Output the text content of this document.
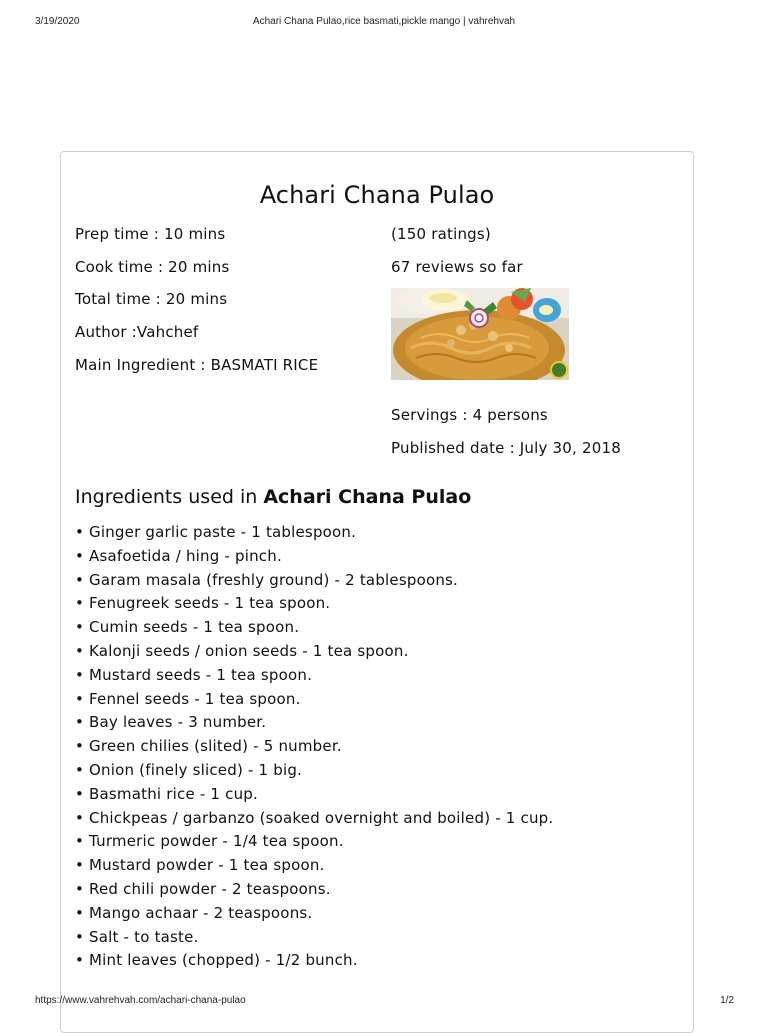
3/19/2020	Achari Chana Pulao,rice basmati,pickle mango | vahrehvah
Achari Chana Pulao
Prep time : 10 mins
Cook time : 20 mins
Total time : 20 mins
Author :Vahchef
Main Ingredient : BASMATI RICE
(150 ratings)
67 reviews so far
Servings : 4 persons
Published date : July 30, 2018
Ingredients used in Achari Chana Pulao
• Ginger garlic paste - 1 tablespoon.
• Asafoetida / hing - pinch.
• Garam masala (freshly ground) - 2 tablespoons.
• Fenugreek seeds - 1 tea spoon.
• Cumin seeds - 1 tea spoon.
• Kalonji seeds / onion seeds - 1 tea spoon.
• Mustard seeds - 1 tea spoon.
• Fennel seeds - 1 tea spoon.
• Bay leaves - 3 number.
• Green chilies (slited) - 5 number.
• Onion (finely sliced) - 1 big.
• Basmathi rice - 1 cup.
• Chickpeas / garbanzo (soaked overnight and boiled) - 1 cup.
• Turmeric powder - 1/4 tea spoon.
• Mustard powder - 1 tea spoon.
• Red chili powder - 2 teaspoons.
• Mango achaar - 2 teaspoons.
• Salt - to taste.
• Mint leaves (chopped) - 1/2 bunch.
https://www.vahrehvah.com/achari-chana-pulao	1/2
